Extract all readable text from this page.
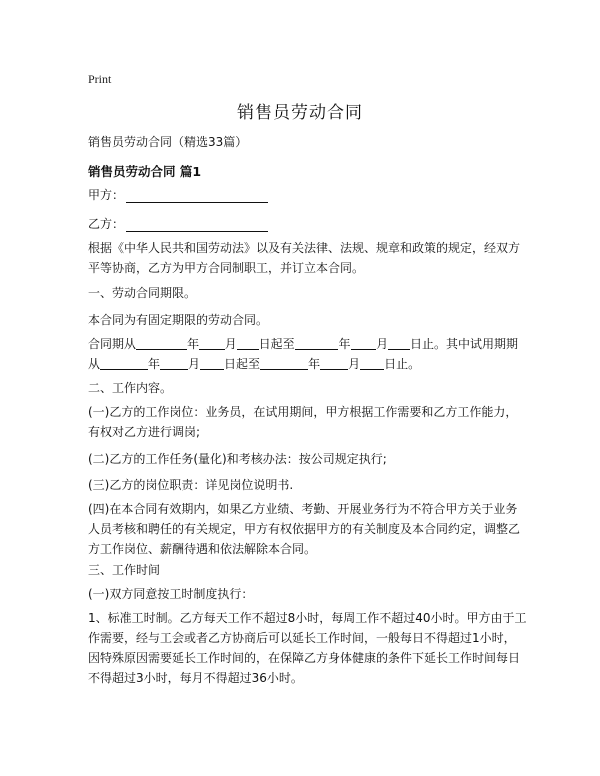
Print
销售员劳动合同
销售员劳动合同（精选33篇）
销售员劳动合同 篇1
甲方：
乙方：
根据《中华人民共和国劳动法》以及有关法律、法规、规章和政策的规定，经双方
平等协商，乙方为甲方合同制职工，并订立本合同。
一、劳动合同期限。
本合同为有固定期限的劳动合同。
合同期从	年 月 日起至	年 月 日止。其中试用期期
从	年 月 日起至	年 月 日止。
二、工作内容。
(一)乙方的工作岗位：业务员，在试用期间，甲方根据工作需要和乙方工作能力，
有权对乙方进行调岗;
(二)乙方的工作任务(量化)和考核办法：按公司规定执行;
(三)乙方的岗位职责：详见岗位说明书.
(四)在本合同有效期内，如果乙方业绩、考勤、开展业务行为不符合甲方关于业务
人员考核和聘任的有关规定，甲方有权依据甲方的有关制度及本合同约定，调整乙
方工作岗位、薪酬待遇和依法解除本合同。
三、工作时间
(一)双方同意按工时制度执行：
1、标准工时制。乙方每天工作不超过8小时，每周工作不超过40小时。甲方由于工
作需要，经与工会或者乙方协商后可以延长工作时间，一般每日不得超过1小时，
因特殊原因需要延长工作时间的，在保障乙方身体健康的条件下延长工作时间每日
不得超过3小时，每月不得超过36小时。
